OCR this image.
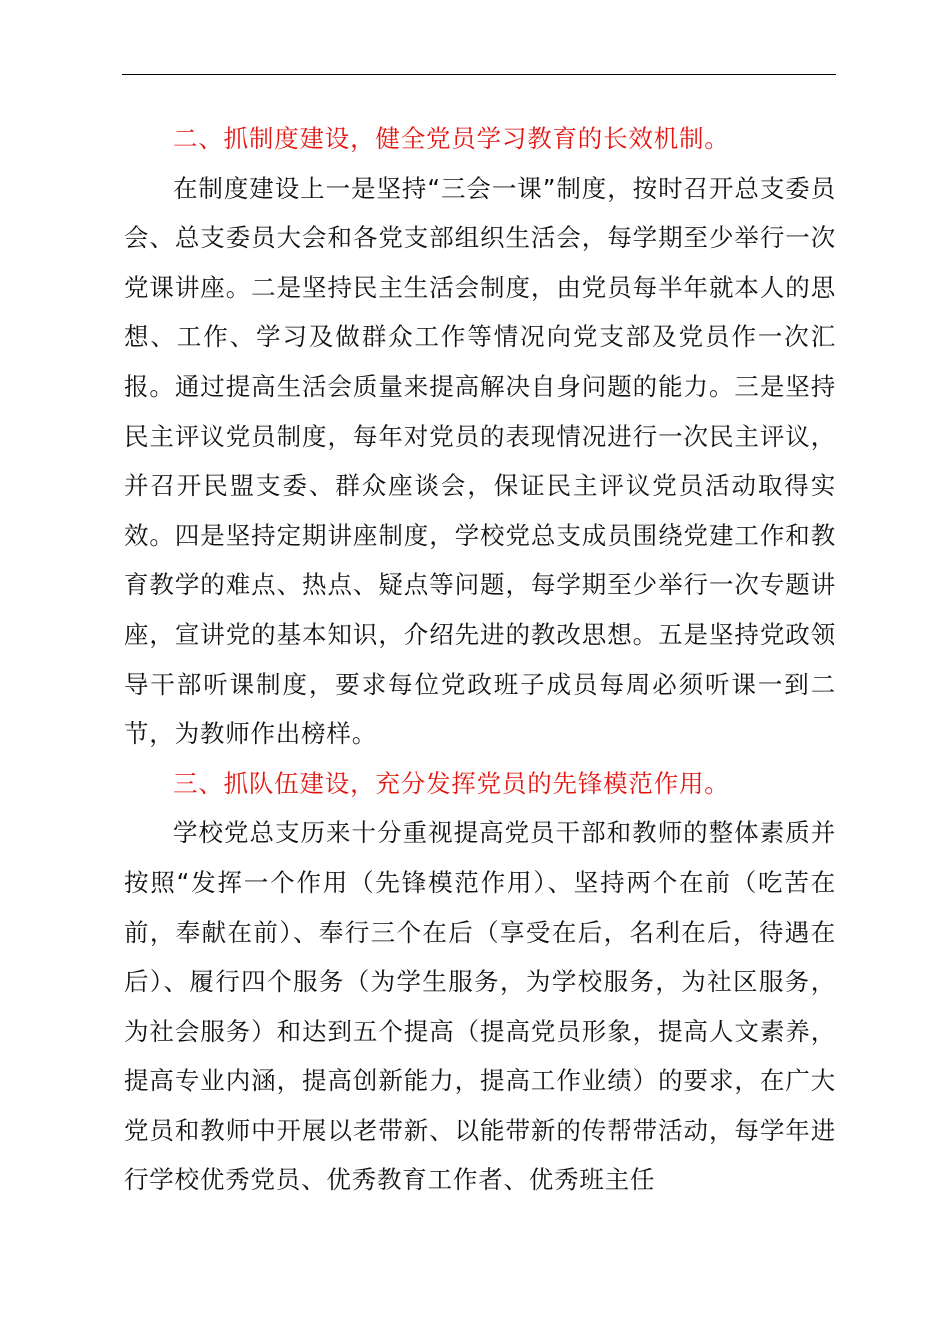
二、抓制度建设，健全党员学习教育的长效机制。

在制度建设上一是坚持“三会一课”制度，按时召开总支委员会、总支委员大会和各党支部组织生活会，每学期至少举行一次党课讲座。二是坚持民主生活会制度，由党员每半年就本人的思想、工作、学习及做群众工作等情况向党支部及党员作一次汇报。通过提高生活会质量来提高解决自身问题的能力。三是坚持民主评议党员制度，每年对党员的表现情况进行一次民主评议，并召开民盟支委、群众座谈会，保证民主评议党员活动取得实效。四是坚持定期讲座制度，学校党总支成员围绕党建工作和教育教学的难点、热点、疑点等问题，每学期至少举行一次专题讲座，宣讲党的基本知识，介绍先进的教改思想。五是坚持党政领导干部听课制度，要求每位党政班子成员每周必须听课一到二节，为教师作出榜样。

三、抓队伍建设，充分发挥党员的先锋模范作用。

学校党总支历来十分重视提高党员干部和教师的整体素质并按照“发挥一个作用（先锋模范作用）、坚持两个在前（吃苦在前，奉献在前）、奉行三个在后（享受在后，名利在后，待遇在后）、履行四个服务（为学生服务，为学校服务，为社区服务，为社会服务）和达到五个提高（提高党员形象，提高人文素养，提高专业内涵，提高创新能力，提高工作业绩）的要求，在广大党员和教师中开展以老带新、以能带新的传帮带活动，每学年进行学校优秀党员、优秀教育工作者、优秀班主任
